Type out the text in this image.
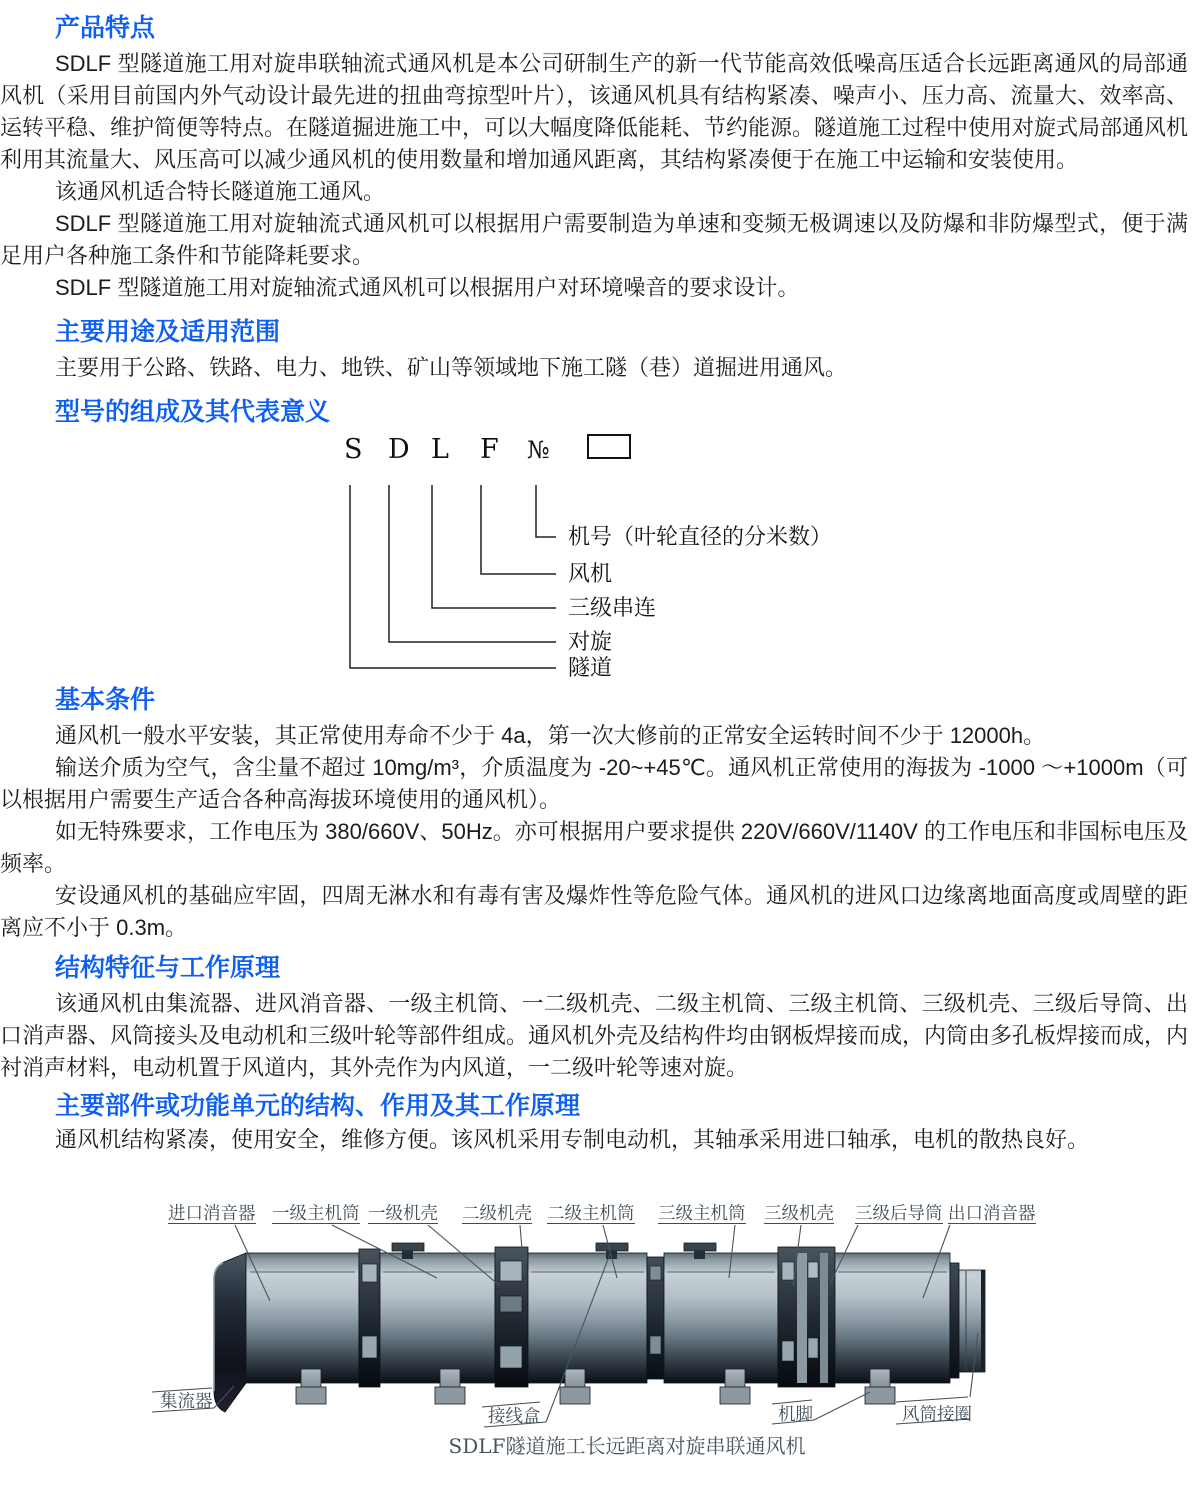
产品特点

SDLF 型隧道施工用对旋串联轴流式通风机是本公司研制生产的新一代节能高效低噪高压适合长远距离通风的局部通风机（采用目前国内外气动设计最先进的扭曲弯掠型叶片），该通风机具有结构紧凑、噪声小、压力高、流量大、效率高、运转平稳、维护简便等特点。在隧道掘进施工中，可以大幅度降低能耗、节约能源。隧道施工过程中使用对旋式局部通风机利用其流量大、风压高可以减少通风机的使用数量和增加通风距离，其结构紧凑便于在施工中运输和安装使用。

该通风机适合特长隧道施工通风。

SDLF 型隧道施工用对旋轴流式通风机可以根据用户需要制造为单速和变频无极调速以及防爆和非防爆型式，便于满足用户各种施工条件和节能降耗要求。

SDLF 型隧道施工用对旋轴流式通风机可以根据用户对环境噪音的要求设计。

主要用途及适用范围

主要用于公路、铁路、电力、地铁、矿山等领域地下施工隧（巷）道掘进用通风。

型号的组成及其代表意义
S D L F №
机号（叶轮直径的分米数）
风机
三级串连
对旋
隧道
基本条件

通风机一般水平安装，其正常使用寿命不少于 4a，第一次大修前的正常安全运转时间不少于 12000h。

输送介质为空气，含尘量不超过 10mg/m³，介质温度为 -20~+45℃。通风机正常使用的海拔为 -1000 ～+1000m（可以根据用户需要生产适合各种高海拔环境使用的通风机）。

如无特殊要求，工作电压为 380/660V、50Hz。亦可根据用户要求提供 220V/660V/1140V 的工作电压和非国标电压及频率。

安设通风机的基础应牢固，四周无淋水和有毒有害及爆炸性等危险气体。通风机的进风口边缘离地面高度或周壁的距离应不小于 0.3m。

结构特征与工作原理

该通风机由集流器、进风消音器、一级主机筒、一二级机壳、二级主机筒、三级主机筒、三级机壳、三级后导筒、出口消声器、风筒接头及电动机和三级叶轮等部件组成。通风机外壳及结构件均由钢板焊接而成，内筒由多孔板焊接而成，内衬消声材料，电动机置于风道内，其外壳作为内风道，一二级叶轮等速对旋。

主要部件或功能单元的结构、作用及其工作原理

通风机结构紧凑，使用安全，维修方便。该风机采用专制电动机，其轴承采用进口轴承，电机的散热良好。

进口消音器 一级主机筒 一级机壳 二级机壳 二级主机筒 三级主机筒 三级机壳 三级后导筒 出口消音器
集流器
接线盒	机脚	风筒接圈
SDLF隧道施工长远距离对旋串联通风机
